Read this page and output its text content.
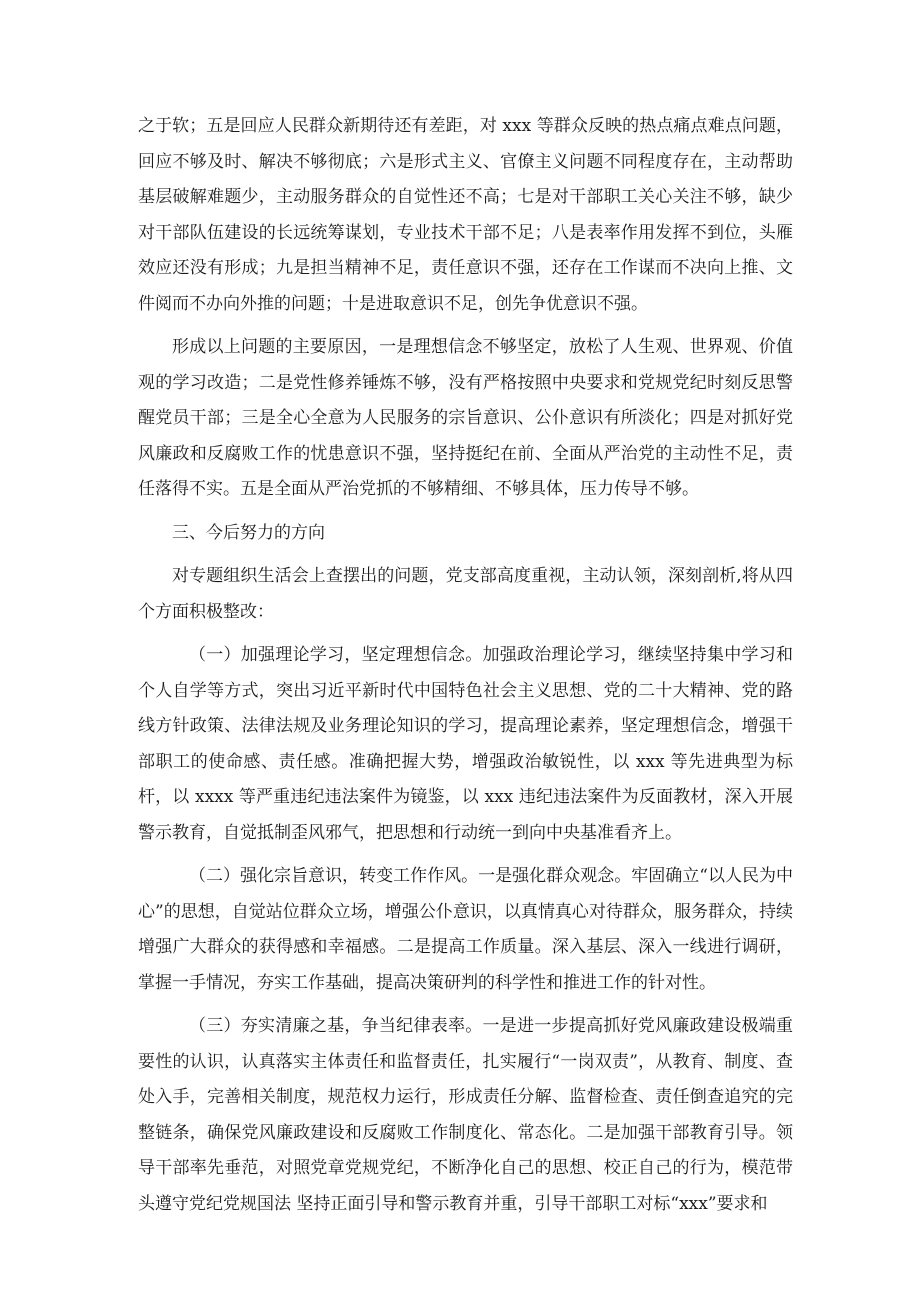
之于软；五是回应人民群众新期待还有差距，对 xxx 等群众反映的热点痛点难点问题，回应不够及时、解决不够彻底；六是形式主义、官僚主义问题不同程度存在，主动帮助基层破解难题少，主动服务群众的自觉性还不高；七是对干部职工关心关注不够，缺少对干部队伍建设的长远统筹谋划，专业技术干部不足；八是表率作用发挥不到位，头雁效应还没有形成；九是担当精神不足，责任意识不强，还存在工作谋而不决向上推、文件阅而不办向外推的问题；十是进取意识不足，创先争优意识不强。

形成以上问题的主要原因，一是理想信念不够坚定，放松了人生观、世界观、价值观的学习改造；二是党性修养锤炼不够，没有严格按照中央要求和党规党纪时刻反思警醒党员干部；三是全心全意为人民服务的宗旨意识、公仆意识有所淡化；四是对抓好党风廉政和反腐败工作的忧患意识不强，坚持挺纪在前、全面从严治党的主动性不足，责任落得不实。五是全面从严治党抓的不够精细、不够具体，压力传导不够。

三、今后努力的方向

对专题组织生活会上查摆出的问题，党支部高度重视，主动认领，深刻剖析,将从四个方面积极整改：

（一）加强理论学习，坚定理想信念。加强政治理论学习，继续坚持集中学习和个人自学等方式，突出习近平新时代中国特色社会主义思想、党的二十大精神、党的路线方针政策、法律法规及业务理论知识的学习，提高理论素养，坚定理想信念，增强干部职工的使命感、责任感。准确把握大势，增强政治敏锐性，以 xxx 等先进典型为标杆，以 xxxx 等严重违纪违法案件为镜鉴，以 xxx 违纪违法案件为反面教材，深入开展警示教育，自觉抵制歪风邪气，把思想和行动统一到向中央基准看齐上。

（二）强化宗旨意识，转变工作作风。一是强化群众观念。牢固确立“以人民为中心”的思想，自觉站位群众立场，增强公仆意识，以真情真心对待群众，服务群众，持续增强广大群众的获得感和幸福感。二是提高工作质量。深入基层、深入一线进行调研，掌握一手情况，夯实工作基础，提高决策研判的科学性和推进工作的针对性。

（三）夯实清廉之基，争当纪律表率。一是进一步提高抓好党风廉政建设极端重要性的认识，认真落实主体责任和监督责任，扎实履行“一岗双责”，从教育、制度、查处入手，完善相关制度，规范权力运行，形成责任分解、监督检查、责任倒查追究的完整链条，确保党风廉政建设和反腐败工作制度化、常态化。二是加强干部教育引导。领导干部率先垂范，对照党章党规党纪，不断净化自己的思想、校正自己的行为，模范带头遵守党纪党规国法 坚持正面引导和警示教育并重，引导干部职工对标“xxx”要求和
